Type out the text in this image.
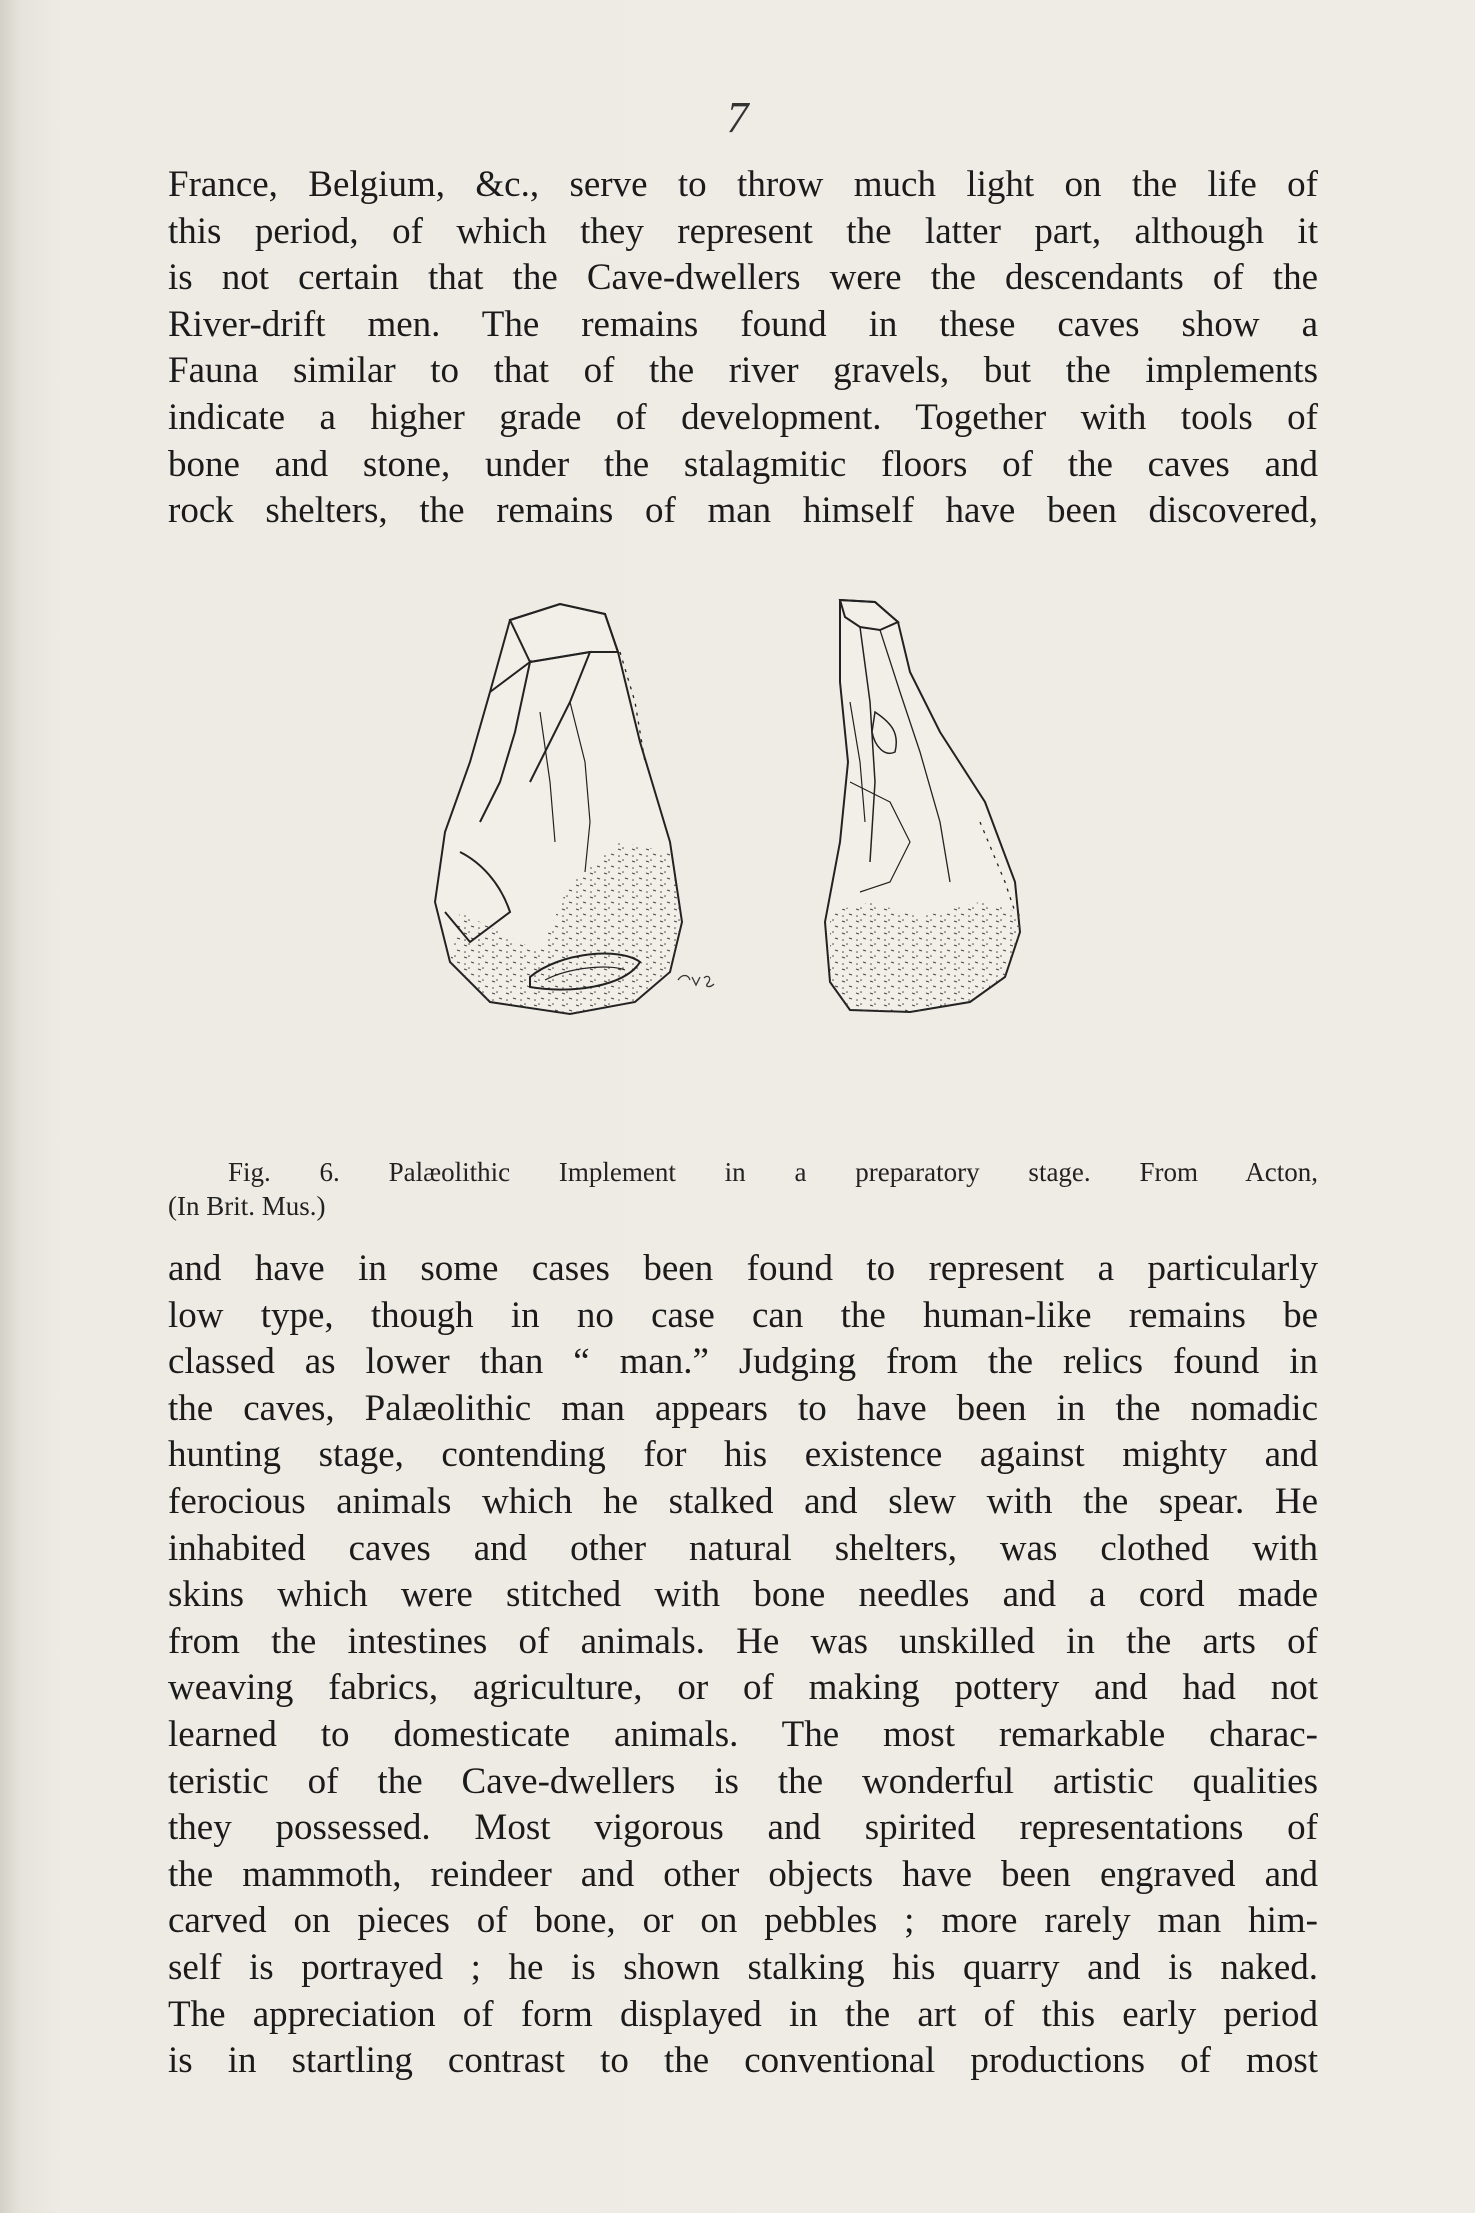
7
France, Belgium, &c., serve to throw much light on the life of
this period, of which they represent the latter part, although it
is not certain that the Cave-dwellers were the descendants of the
River-drift men. The remains found in these caves show a
Fauna similar to that of the river gravels, but the implements
indicate a higher grade of development. Together with tools of
bone and stone, under the stalagmitic floors of the caves and
rock shelters, the remains of man himself have been discovered,
Fig. 6. Palæolithic Implement in a preparatory stage. From Acton,
(In Brit. Mus.)
and have in some cases been found to represent a particularly
low type, though in no case can the human-like remains be
classed as lower than “ man.” Judging from the relics found in
the caves, Palæolithic man appears to have been in the nomadic
hunting stage, contending for his existence against mighty and
ferocious animals which he stalked and slew with the spear. He
inhabited caves and other natural shelters, was clothed with
skins which were stitched with bone needles and a cord made
from the intestines of animals. He was unskilled in the arts of
weaving fabrics, agriculture, or of making pottery and had not
learned to domesticate animals. The most remarkable charac-
teristic of the Cave-dwellers is the wonderful artistic qualities
they possessed. Most vigorous and spirited representations of
the mammoth, reindeer and other objects have been engraved and
carved on pieces of bone, or on pebbles ; more rarely man him-
self is portrayed ; he is shown stalking his quarry and is naked.
The appreciation of form displayed in the art of this early period
is in startling contrast to the conventional productions of most
